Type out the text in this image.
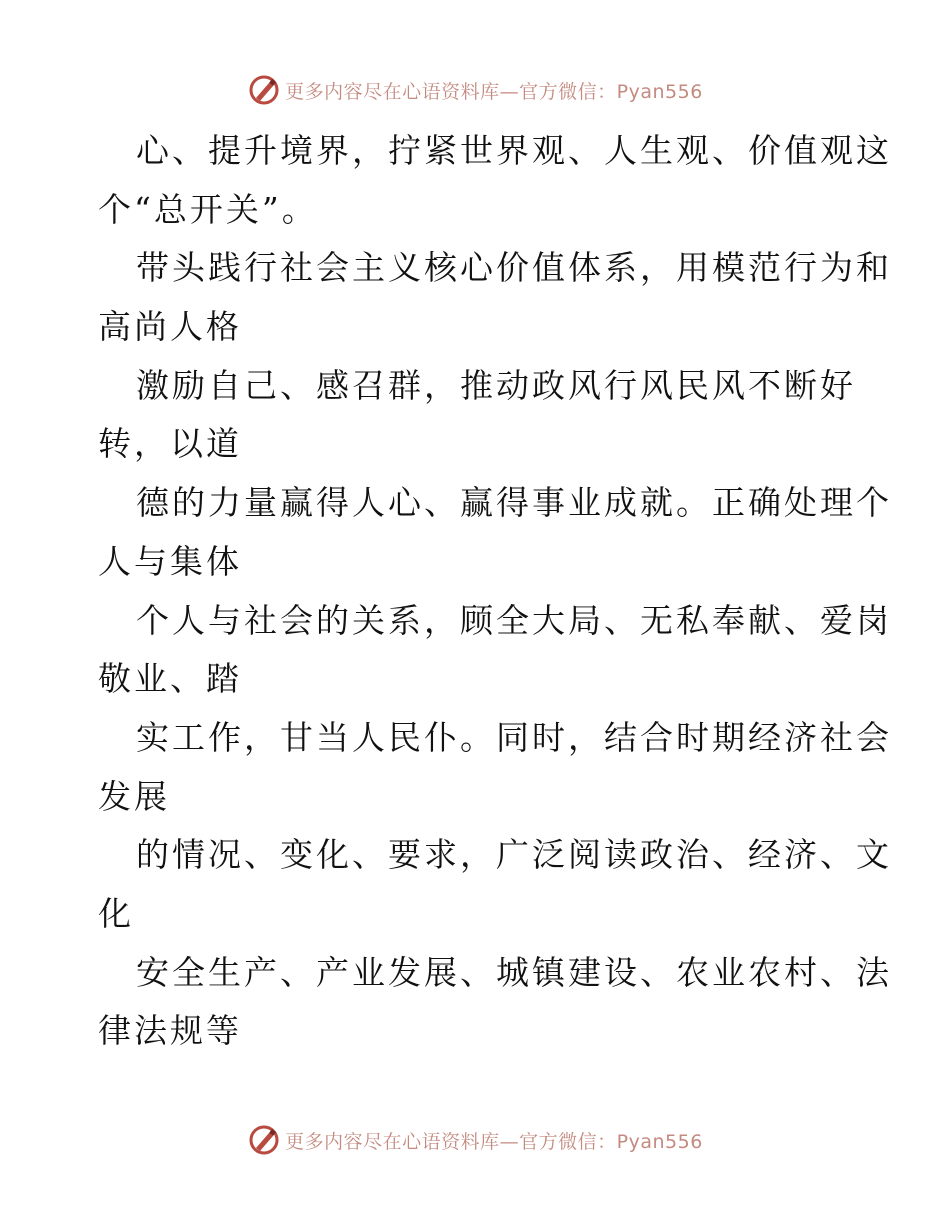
更多内容尽在心语资料库—官方微信：Pyan556
心、提升境界，拧紧世界观、人生观、价值观这
个“总开关”。
带头践行社会主义核心价值体系，用模范行为和
高尚人格
激励自己、感召群，推动政风行风民风不断好
转，以道
德的力量赢得人心、赢得事业成就。正确处理个
人与集体
个人与社会的关系，顾全大局、无私奉献、爱岗
敬业、踏
实工作，甘当人民仆。同时，结合时期经济社会
发展
的情况、变化、要求，广泛阅读政治、经济、文
化
安全生产、产业发展、城镇建设、农业农村、法
律法规等
更多内容尽在心语资料库—官方微信：Pyan556
